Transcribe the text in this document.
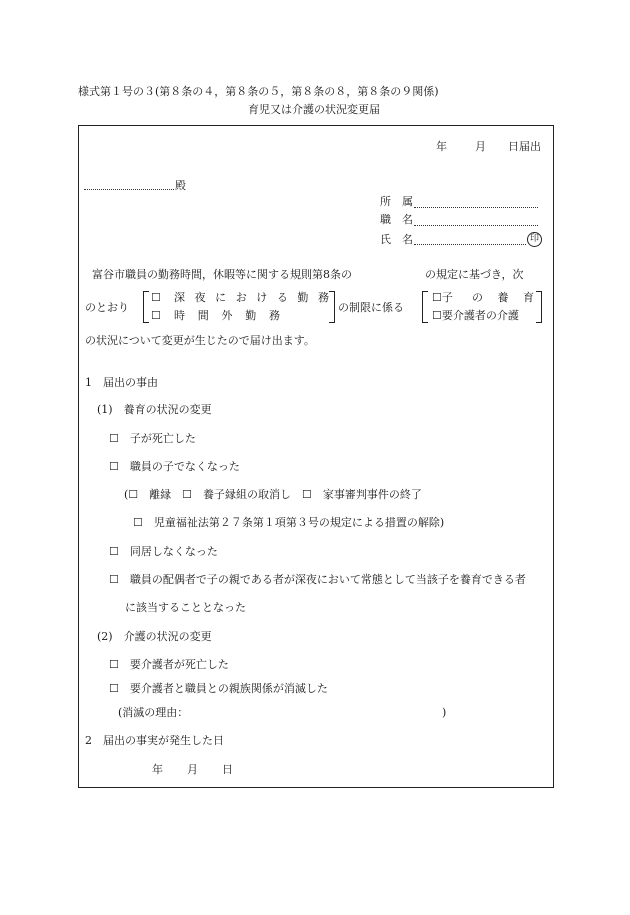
様式第１号の３(第８条の４，第８条の５，第８条の８，第８条の９関係)
育児又は介護の状況変更届
年	月 日届出
殿
所 属
職 名
氏 名	印
富谷市職員の勤務時間，休暇等に関する規則第8条の	の規定に基づき，次
のとおり
☐ 深 夜 に お け る 勤 務
☐ 時 間 外 勤 務
の制限に係る
☐子 の 養 育
☐要介護者の介護
の状況について変更が生じたので届け出ます。
1　届出の事由
(1)　養育の状況の変更
☐　子が死亡した
☐　職員の子でなくなった
(☐　離縁　☐　養子縁組の取消し　☐　家事審判事件の終了
☐　児童福祉法第２７条第１項第３号の規定による措置の解除)
☐　同居しなくなった
☐　職員の配偶者で子の親である者が深夜において常態として当該子を養育できる者
に該当することとなった
(2)　介護の状況の変更
☐　要介護者が死亡した
☐　要介護者と職員との親族関係が消滅した
(消滅の理由：	)
2　届出の事実が発生した日
年 月 日
